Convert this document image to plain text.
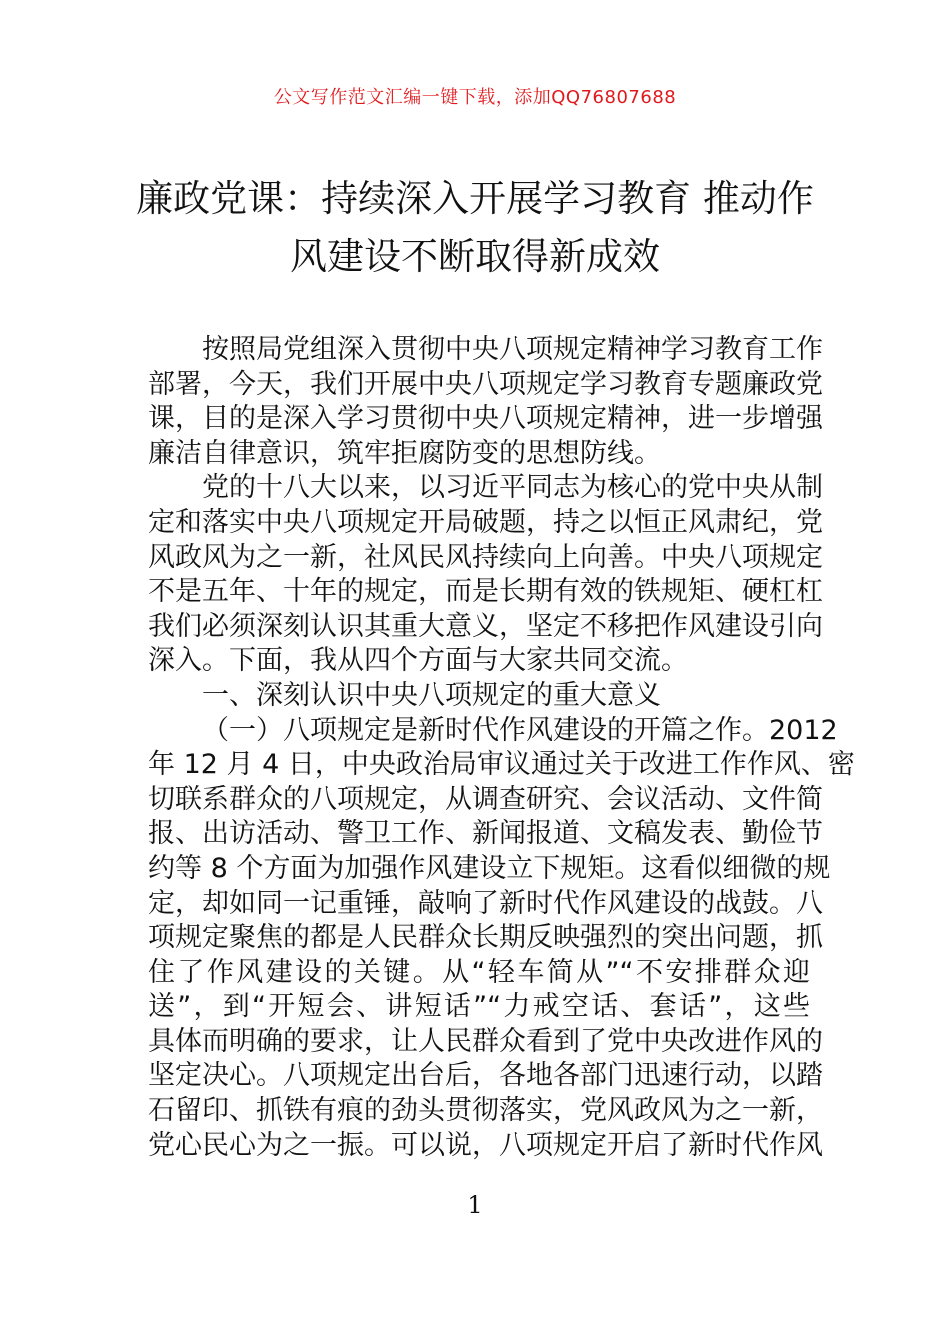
公文写作范文汇编一键下载，添加QQ76807688
廉政党课：持续深入开展学习教育 推动作
风建设不断取得新成效
按照局党组深入贯彻中央八项规定精神学习教育工作
部署，今天，我们开展中央八项规定学习教育专题廉政党
课，目的是深入学习贯彻中央八项规定精神，进一步增强
廉洁自律意识，筑牢拒腐防变的思想防线。
党的十八大以来，以习近平同志为核心的党中央从制
定和落实中央八项规定开局破题，持之以恒正风肃纪，党
风政风为之一新，社风民风持续向上向善。中央八项规定
不是五年、十年的规定，而是长期有效的铁规矩、硬杠杠
我们必须深刻认识其重大意义，坚定不移把作风建设引向
深入。下面，我从四个方面与大家共同交流。
一、深刻认识中央八项规定的重大意义
（一）八项规定是新时代作风建设的开篇之作。2012
年 12 月 4 日，中央政治局审议通过关于改进工作作风、密
切联系群众的八项规定，从调查研究、会议活动、文件简
报、出访活动、警卫工作、新闻报道、文稿发表、勤俭节
约等 8 个方面为加强作风建设立下规矩。这看似细微的规
定，却如同一记重锤，敲响了新时代作风建设的战鼓。八
项规定聚焦的都是人民群众长期反映强烈的突出问题，抓
住了作风建设的关键。从“轻车简从”“不安排群众迎
送”，到“开短会、讲短话”“力戒空话、套话”，这些
具体而明确的要求，让人民群众看到了党中央改进作风的
坚定决心。八项规定出台后，各地各部门迅速行动，以踏
石留印、抓铁有痕的劲头贯彻落实，党风政风为之一新，
党心民心为之一振。可以说，八项规定开启了新时代作风
1
